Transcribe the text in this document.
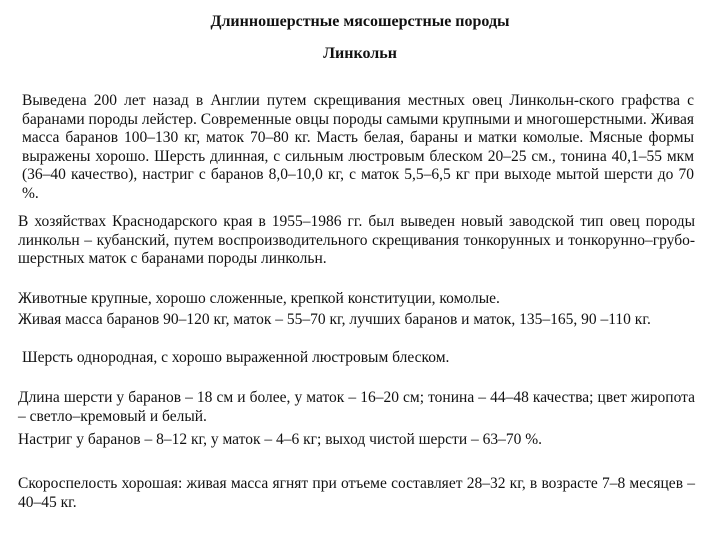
Длинношерстные мясошерстные породы
Линкольн

Выведена 200 лет назад в Англии путем скрещивания местных овец Линкольн-ского графства с баранами породы лейстер. Современные овцы породы самыми крупными и многошерстными. Живая масса баранов 100–130 кг, маток 70–80 кг. Масть белая, бараны и матки комолые. Мясные формы выражены хорошо. Шерсть длинная, с сильным люстровым блеском 20–25 см., тонина 40,1–55 мкм (36–40 качество), настриг с баранов 8,0–10,0 кг, с маток 5,5–6,5 кг при выходе мытой шерсти до 70 %.

В хозяйствах Краснодарского края в 1955–1986 гг. был выведен новый заводской тип овец породы линкольн – кубанский, путем воспроизводительного скрещивания тонкорунных и тонкорунно–грубо-шерстных маток с баранами породы линкольн.

Животные крупные, хорошо сложенные, крепкой конституции, комолые.

Живая масса баранов 90–120 кг, маток – 55–70 кг, лучших баранов и маток, 135–165, 90 –110 кг.

Шерсть однородная, с хорошо выраженной люстровым блеском.

Длина шерсти у баранов – 18 см и более, у маток – 16–20 см; тонина – 44–48 качества; цвет жиропота – светло–кремовый и белый.

Настриг у баранов – 8–12 кг, у маток – 4–6 кг; выход чистой шерсти – 63–70 %.

Скороспелость хорошая: живая масса ягнят при отъеме составляет 28–32 кг, в возрасте 7–8 месяцев – 40–45 кг.
